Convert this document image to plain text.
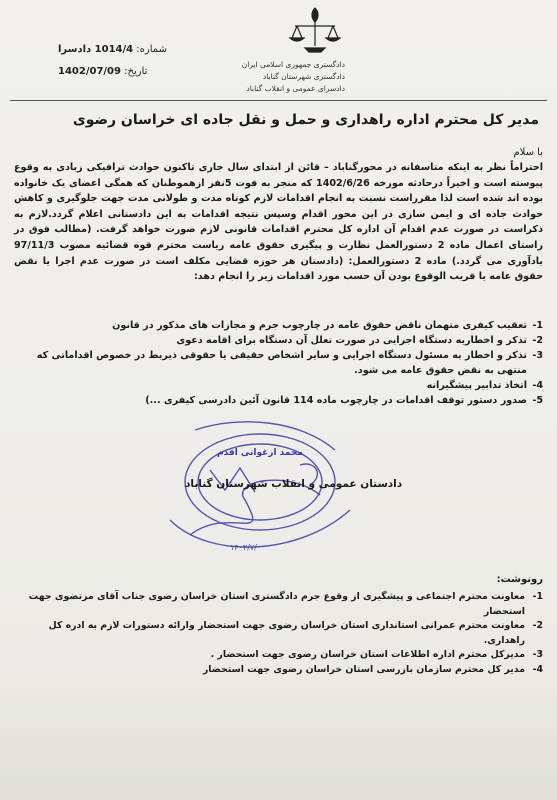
دادگستری جمهوری اسلامی ایران
دادگستری شهرستان گناباد
دادسرای عمومی و انقلاب گناباد
شماره: 1014/4 دادسرا
تاریخ: 1402/07/09
مدیر کل محترم اداره راهداری و حمل و نقل جاده ای خراسان رضوی
با سلام
احتراماً نظر به اینکه متاسفانه در محورگناباد – قائن از ابتدای سال جاری تاکنون حوادث ترافیکی زیادی به وقوع پیوسته است و اخیراً درحادثه مورخه 1402/6/26 که منجر به فوت 5نفر ازهموطنان که همگی اعضای یک خانواده بوده اند شده است لذا مقرراست نسبت به انجام اقدامات لازم کوتاه مدت و طولانی مدت جهت جلوگیری و کاهش حوادث جاده ای و ایمن سازی در این محور اقدام وسپس نتیجه اقدامات به این دادستانی اعلام گردد.لازم به ذکراست در صورت عدم اقدام آن اداره کل محترم اقدامات قانونی لازم صورت خواهد گرفت. (مطالب فوق در راستای اعمال ماده 2 دستورالعمل نظارت و پیگیری حقوق عامه ریاست محترم قوه قضائیه مصوب 97/11/3 یادآوری می گردد.) ماده 2 دستورالعمل: (دادستان هر حوزه قضایی مکلف است در صورت عدم اجرا یا نقض حقوق عامه یا قریب الوقوع بودن آن حسب مورد اقدامات زیر را انجام دهد:
1-
تعقیب کیفری متهمان ناقض حقوق عامه در چارچوب جرم و مجازات های مذکور در قانون
2-
تذکر و اخطاریه دستگاه اجرایی در صورت تعلل آن دستگاه برای اقامه دعوی
3-
تذکر و اخطار به مسئول دستگاه اجرایی و سایر اشخاص حقیقی یا حقوقی ذیربط در خصوص اقداماتی که منتهی به نقض حقوق عامه می شود.
4-
اتخاذ تدابیر پیشگیرانه
5-
صدور دستور توقف اقدامات در چارچوب ماده 114 قانون آئین دادرسی کیفری ...)
محمد ارغوانی اقدم
۱۴۰۲/۷/
دادستان عمومی و انقلاب شهرستان گناباد
رونوشت:
1-
معاونت محترم اجتماعی و پیشگیری از وقوع جرم دادگستری استان خراسان رضوی جناب آقای مرتضوی جهت استحضار
2-
معاونت محترم عمرانی استانداری استان خراسان رضوی جهت استحضار وارائه دستورات لازم به ادره کل راهداری.
3-
مدیرکل محترم اداره اطلاعات استان خراسان رضوی جهت استحضار .
4-
مدیر کل محترم سازمان بازرسی استان خراسان رضوی جهت استحضار
